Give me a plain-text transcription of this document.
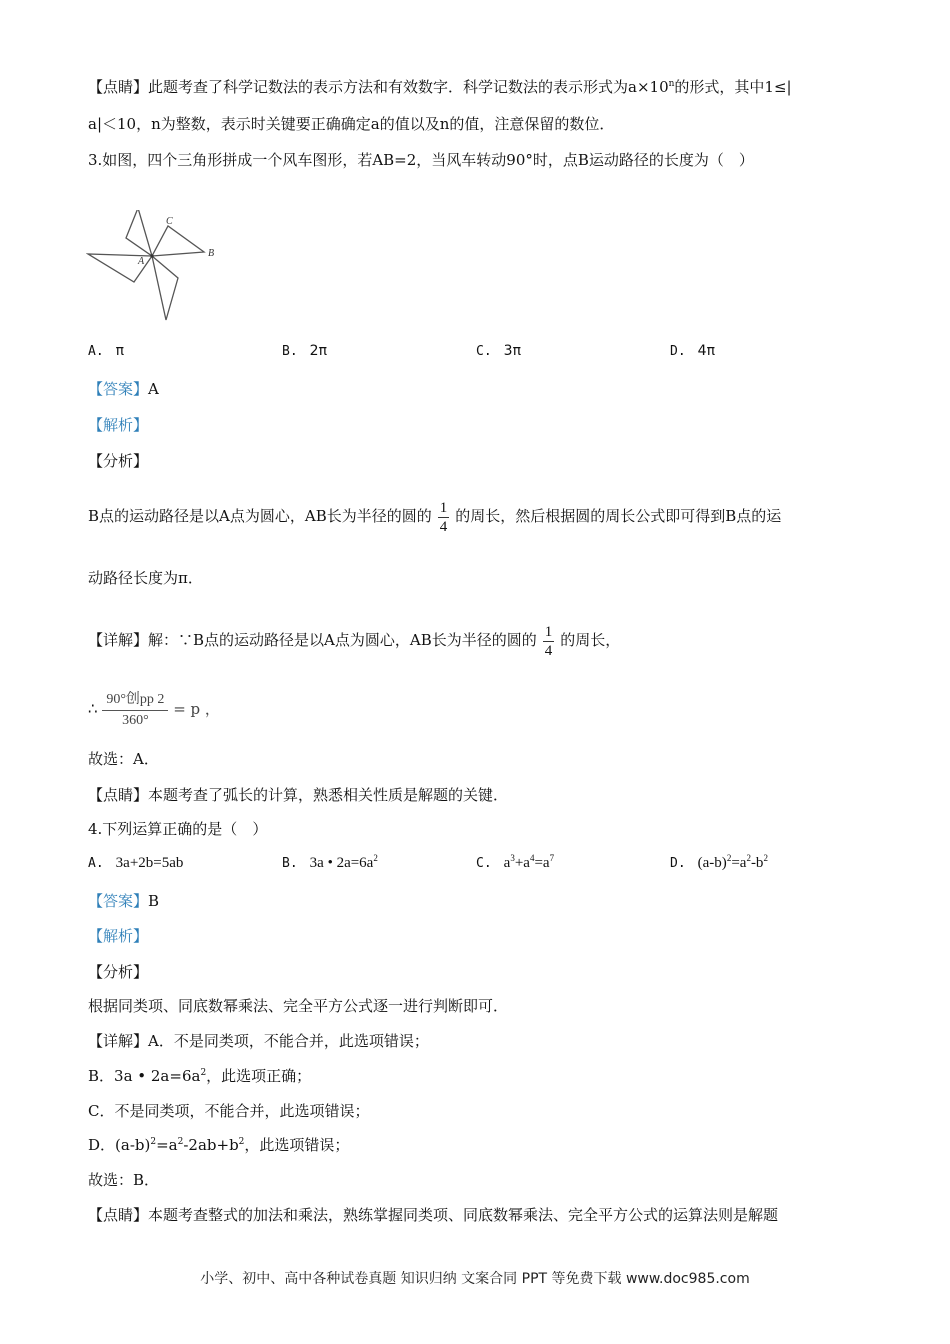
【点睛】此题考查了科学记数法的表示方法和有效数字．科学记数法的表示形式为$a\times 10^n$的形式，其中1≤|
a|＜10，n为整数，表示时关键要正确确定a的值以及n的值，注意保留的数位．
3.如图，四个三角形拼成一个风车图形，若AB=2，当风车转动90°时，点B运动路径的长度为（　）
A
B
C
A. π	B. 2π	C. 3π	D. 4π
【答案】A
【解析】
【分析】
B点的运动路径是以A点为圆心，AB长为半径的圆的 $\frac{1}{4}$ 的周长，然后根据圆的周长公式即可得到B点的运
动路径长度为π．
【详解】解：∵B点的运动路径是以A点为圆心，AB长为半径的圆的 $\frac{1}{4}$ 的周长，
∴ 90°创pp 2
360°
= p ，
故选：A．
【点睛】本题考查了弧长的计算，熟悉相关性质是解题的关键．
4.下列运算正确的是（　）
A. 3a+2b=5ab	B. 3a • $2a=6a^2$	C. $a^3+a^4=a^7$	D. $(a-b)^2=a^2-b^2$
【答案】B
【解析】
【分析】
根据同类项、同底数幂乘法、完全平方公式逐一进行判断即可．
【详解】A．不是同类项，不能合并，此选项错误；
B．3a • $2a=6a^2$，此选项正确；
C．不是同类项，不能合并，此选项错误；
D．$(a-b)^2=a^2-2ab+b^2$，此选项错误；
故选：B．
【点睛】本题考查整式的加法和乘法，熟练掌握同类项、同底数幂乘法、完全平方公式的运算法则是解题
小学、初中、高中各种试卷真题 知识归纳 文案合同 PPT 等免费下载 www.doc985.com
